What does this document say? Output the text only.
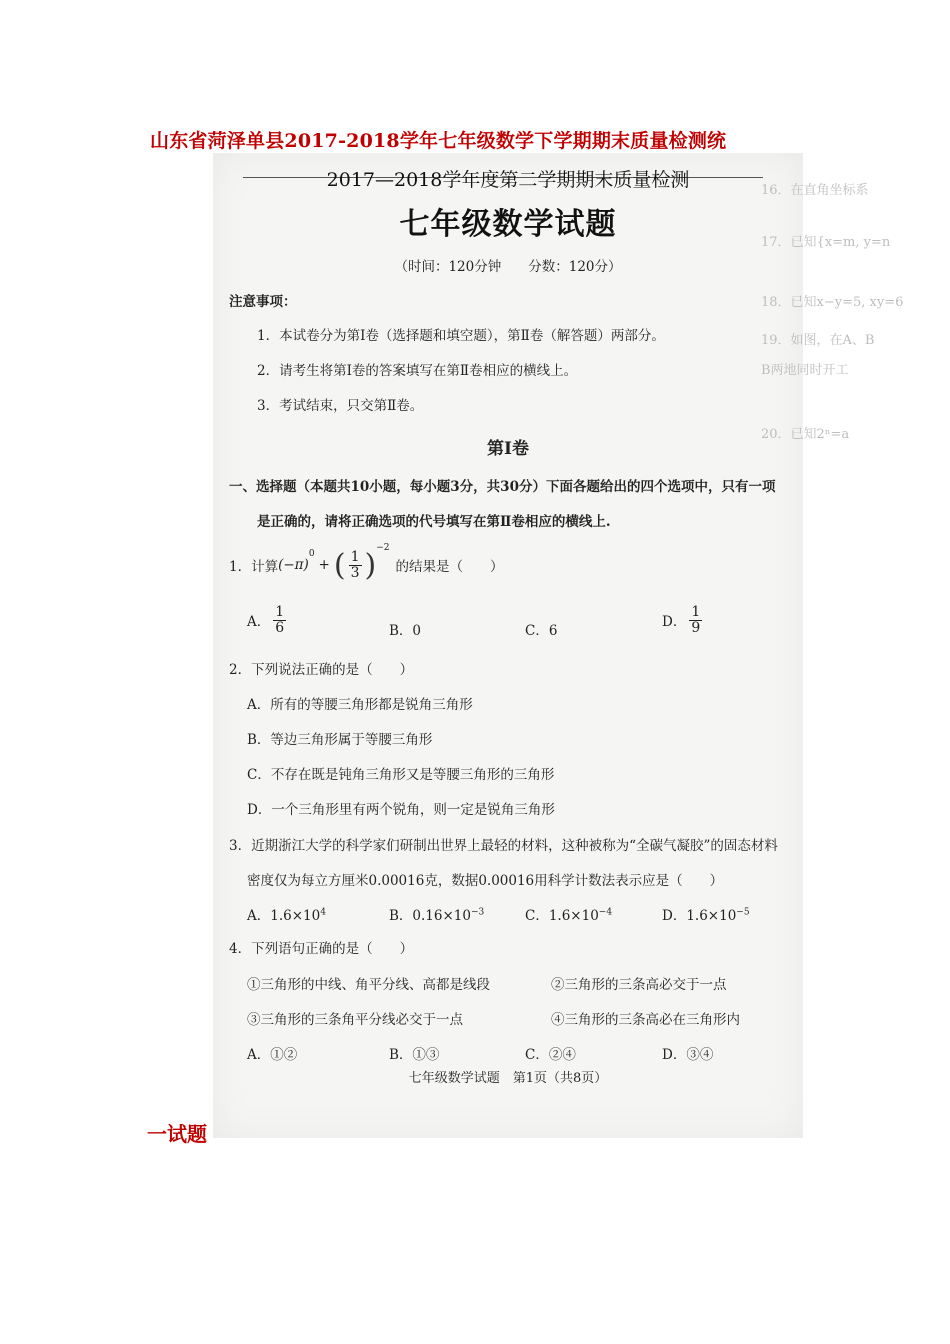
山东省菏泽单县2017-2018学年七年级数学下学期期末质量检测统
16．在直角坐标系
17．已知{x=m, y=n
18．已知x−y=5, xy=6
19．如图，在A、B
B两地同时开工
20．已知2ⁿ=a
2017—2018学年度第二学期期末质量检测
七年级数学试题
（时间：120分钟　　分数：120分）
注意事项：
1．本试卷分为第Ⅰ卷（选择题和填空题），第Ⅱ卷（解答题）两部分。
2．请考生将第Ⅰ卷的答案填写在第Ⅱ卷相应的横线上。
3．考试结束，只交第Ⅱ卷。
第Ⅰ卷
一、选择题（本题共10小题，每小题3分，共30分）下面各题给出的四个选项中，只有一项
是正确的，请将正确选项的代号填写在第Ⅱ卷相应的横线上.
1．计算 (−π)
$^0$
+ ( $\frac{1}{3} )^{-2}$
的结果是（　　）
A． $\frac{1}{6}$	B．0	C．6
D． $\frac{1}{9}$
2．下列说法正确的是（　　）
A．所有的等腰三角形都是锐角三角形
B．等边三角形属于等腰三角形
C．不存在既是钝角三角形又是等腰三角形的三角形
D．一个三角形里有两个锐角，则一定是锐角三角形
3．近期浙江大学的科学家们研制出世界上最轻的材料，这种被称为“全碳气凝胶”的固态材料
密度仅为每立方厘米0.00016克，数据0.00016用科学计数法表示应是（　　）
A．$1.6\times 10^4$	B．$0.16\times 10^{-3}$	C．$1.6\times 10^{-4}$	D．$1.6\times 10^{-5}$
4．下列语句正确的是（　　）
①三角形的中线、角平分线、高都是线段	②三角形的三条高必交于一点
③三角形的三条角平分线必交于一点	④三角形的三条高必在三角形内
A．①②	B．①③	C．②④	D．③④
七年级数学试题　第1页（共8页）
一试题
